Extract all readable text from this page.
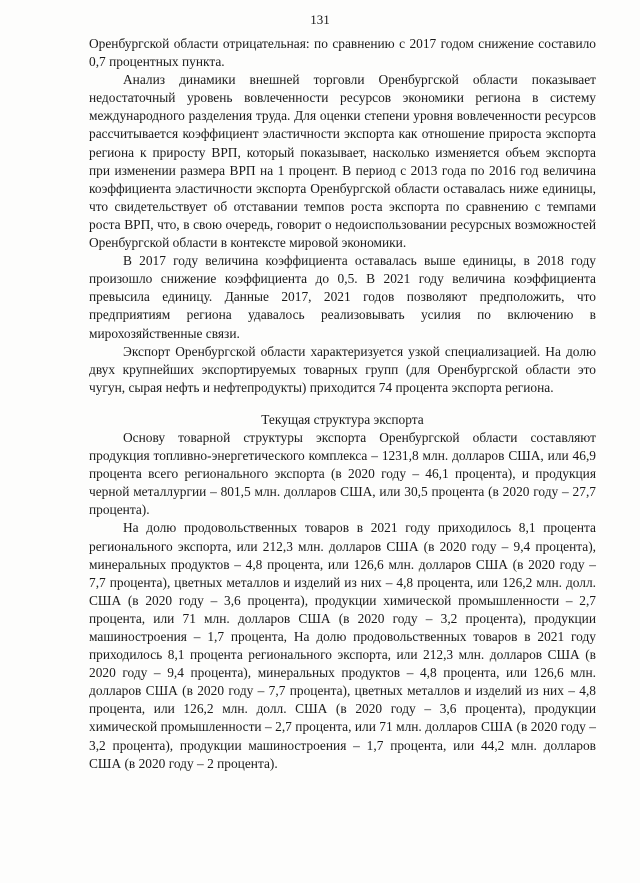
131

Оренбургской области отрицательная: по сравнению с 2017 годом снижение составило 0,7 процентных пункта.

Анализ динамики внешней торговли Оренбургской области показывает недостаточный уровень вовлеченности ресурсов экономики региона в систему международного разделения труда. Для оценки степени уровня вовлеченности ресурсов рассчитывается коэффициент эластичности экспорта как отношение прироста экспорта региона к приросту ВРП, который показывает, насколько изменяется объем экспорта при изменении размера ВРП на 1 процент. В период с 2013 года по 2016 год величина коэффициента эластичности экспорта Оренбургской области оставалась ниже единицы, что свидетельствует об отставании темпов роста экспорта по сравнению с темпами роста ВРП, что, в свою очередь, говорит о недоиспользовании ресурсных возможностей Оренбургской области в контексте мировой экономики.

В 2017 году величина коэффициента оставалась выше единицы, в 2018 году произошло снижение коэффициента до 0,5. В 2021 году величина коэффициента превысила единицу. Данные 2017, 2021 годов позволяют предположить, что предприятиям региона удавалось реализовывать усилия по включению в мирохозяйственные связи.

Экспорт Оренбургской области характеризуется узкой специализацией. На долю двух крупнейших экспортируемых товарных групп (для Оренбургской области это чугун, сырая нефть и нефтепродукты) приходится 74 процента экспорта региона.

Текущая структура экспорта

Основу товарной структуры экспорта Оренбургской области составляют продукция топливно-энергетического комплекса – 1231,8 млн. долларов США, или 46,9 процента всего регионального экспорта (в 2020 году – 46,1 процента), и продукция черной металлургии – 801,5 млн. долларов США, или 30,5 процента (в 2020 году – 27,7 процента).

На долю продовольственных товаров в 2021 году приходилось 8,1 процента регионального экспорта, или 212,3 млн. долларов США (в 2020 году – 9,4 процента), минеральных продуктов – 4,8 процента, или 126,6 млн. долларов США (в 2020 году – 7,7 процента), цветных металлов и изделий из них – 4,8 процента, или 126,2 млн. долл. США (в 2020 году – 3,6 процента), продукции химической промышленности – 2,7 процента, или 71 млн. долларов США (в 2020 году – 3,2 процента), продукции машиностроения – 1,7 процента, На долю продовольственных товаров в 2021 году приходилось 8,1 процента регионального экспорта, или 212,3 млн. долларов США (в 2020 году – 9,4 процента), минеральных продуктов – 4,8 процента, или 126,6 млн. долларов США (в 2020 году – 7,7 процента), цветных металлов и изделий из них – 4,8 процента, или 126,2 млн. долл. США (в 2020 году – 3,6 процента), продукции химической промышленности – 2,7 процента, или 71 млн. долларов США (в 2020 году – 3,2 процента), продукции машиностроения – 1,7 процента, или 44,2 млн. долларов США (в 2020 году – 2 процента).
